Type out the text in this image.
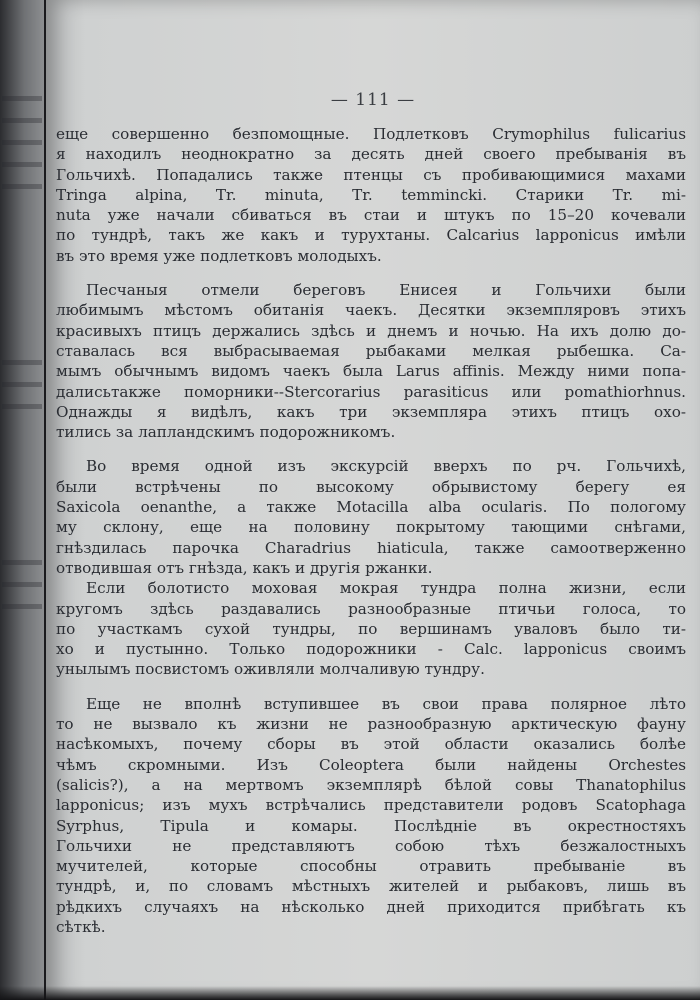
— 111 —
еще совершенно безпомощные. Подлетковъ Crymophilus fulicarius
я находилъ неоднократно за десять дней своего пребыванія въ
Гольчихѣ. Попадались также птенцы съ пробивающимися махами
Tringa alpina, Tr. minuta, Tr. temmincki. Старики Tr. mi-
nuta уже начали сбиваться въ стаи и штукъ по 15–20 кочевали
по тундрѣ, такъ же какъ и турухтаны. Calcarius lapponicus имѣли
въ это время уже подлетковъ молодыхъ.
Песчаныя отмели береговъ Енисея и Гольчихи были
любимымъ мѣстомъ обитанія чаекъ. Десятки экземпляровъ этихъ
красивыхъ птицъ держались здѣсь и днемъ и ночью. На ихъ долю до-
ставалась вся выбрасываемая рыбаками мелкая рыбешка. Са-
мымъ обычнымъ видомъ чаекъ была Larus affinis. Между ними попа-
далисьтакже поморники--Stercorarius parasiticus или pomathiorhnus.
Однажды я видѣлъ, какъ три экземпляра этихъ птицъ охо-
тились за лапландскимъ подорожникомъ.
Во время одной изъ экскурсій вверхъ по рч. Гольчихѣ,
были встрѣчены по высокому обрывистому берегу ея
Saxicola oenanthe, а также Motacilla alba ocularis. По пологому
му склону, еще на половину покрытому тающими снѣгами,
гнѣздилась парочка Charadrius hiaticula, также самоотверженно
отводившая отъ гнѣзда, какъ и другія ржанки.
Если болотисто моховая мокрая тундра полна жизни, если
кругомъ здѣсь раздавались разнообразные птичьи голоса, то
по участкамъ сухой тундры, по вершинамъ уваловъ было ти-
хо и пустынно. Только подорожники - Calc. lapponicus своимъ
унылымъ посвистомъ оживляли молчаливую тундру.
Еще не вполнѣ вступившее въ свои права полярное лѣто
то не вызвало къ жизни не разнообразную арктическую фауну
насѣкомыхъ, почему сборы въ этой области оказались болѣе
чѣмъ скромными. Изъ Coleoptera были найдены Orchestes
(salicis?), а на мертвомъ экземплярѣ бѣлой совы Thanatophilus
lapponicus; изъ мухъ встрѣчались представители родовъ Scatophaga
Syrphus, Tipula и комары. Послѣдніе въ окрестностяхъ
Гольчихи не представляютъ собою тѣхъ безжалостныхъ
мучителей, которые способны отравить пребываніе въ
тундрѣ, и, по словамъ мѣстныхъ жителей и рыбаковъ, лишь въ
рѣдкихъ случаяхъ на нѣсколько дней приходится прибѣгать къ
сѣткѣ.
